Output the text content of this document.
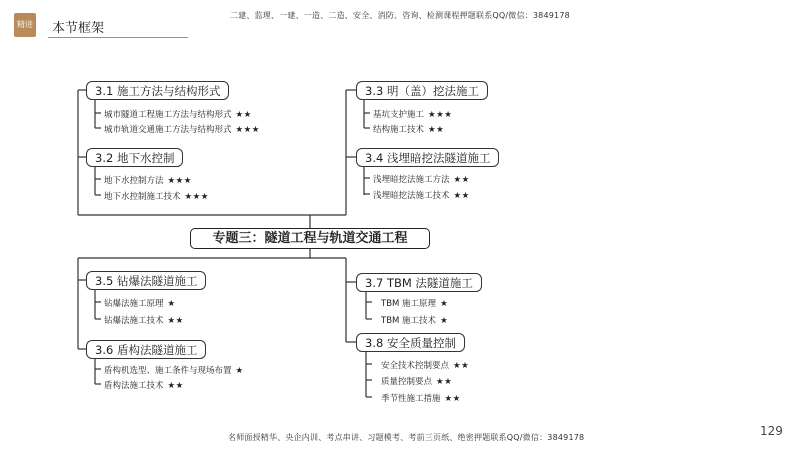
精进 本节框架
二建、监理、一建、一造、二造、安全、消防、咨询、检测课程押题联系QQ/微信：3849178
专题三：隧道工程与轨道交通工程
3.1 施工方法与结构形式
城市隧道工程施工方法与结构形式 ★★
城市轨道交通施工方法与结构形式 ★★★
3.2 地下水控制
地下水控制方法 ★★★
地下水控制施工技术 ★★★
3.3 明（盖）挖法施工
基坑支护施工 ★★★
结构施工技术 ★★
3.4 浅埋暗挖法隧道施工
浅埋暗挖法施工方法 ★★
浅埋暗挖法施工技术 ★★
3.5 钻爆法隧道施工
钻爆法施工原理 ★
钻爆法施工技术 ★★
3.6 盾构法隧道施工
盾构机选型、施工条件与现场布置 ★
盾构法施工技术 ★★
3.7 TBM 法隧道施工
TBM 施工原理 ★
TBM 施工技术 ★
3.8 安全质量控制
安全技术控制要点 ★★
质量控制要点 ★★
季节性施工措施 ★★
名师面授精华、央企内训、考点串讲、习题模考、考前三页纸、绝密押题联系QQ/微信：3849178	129
